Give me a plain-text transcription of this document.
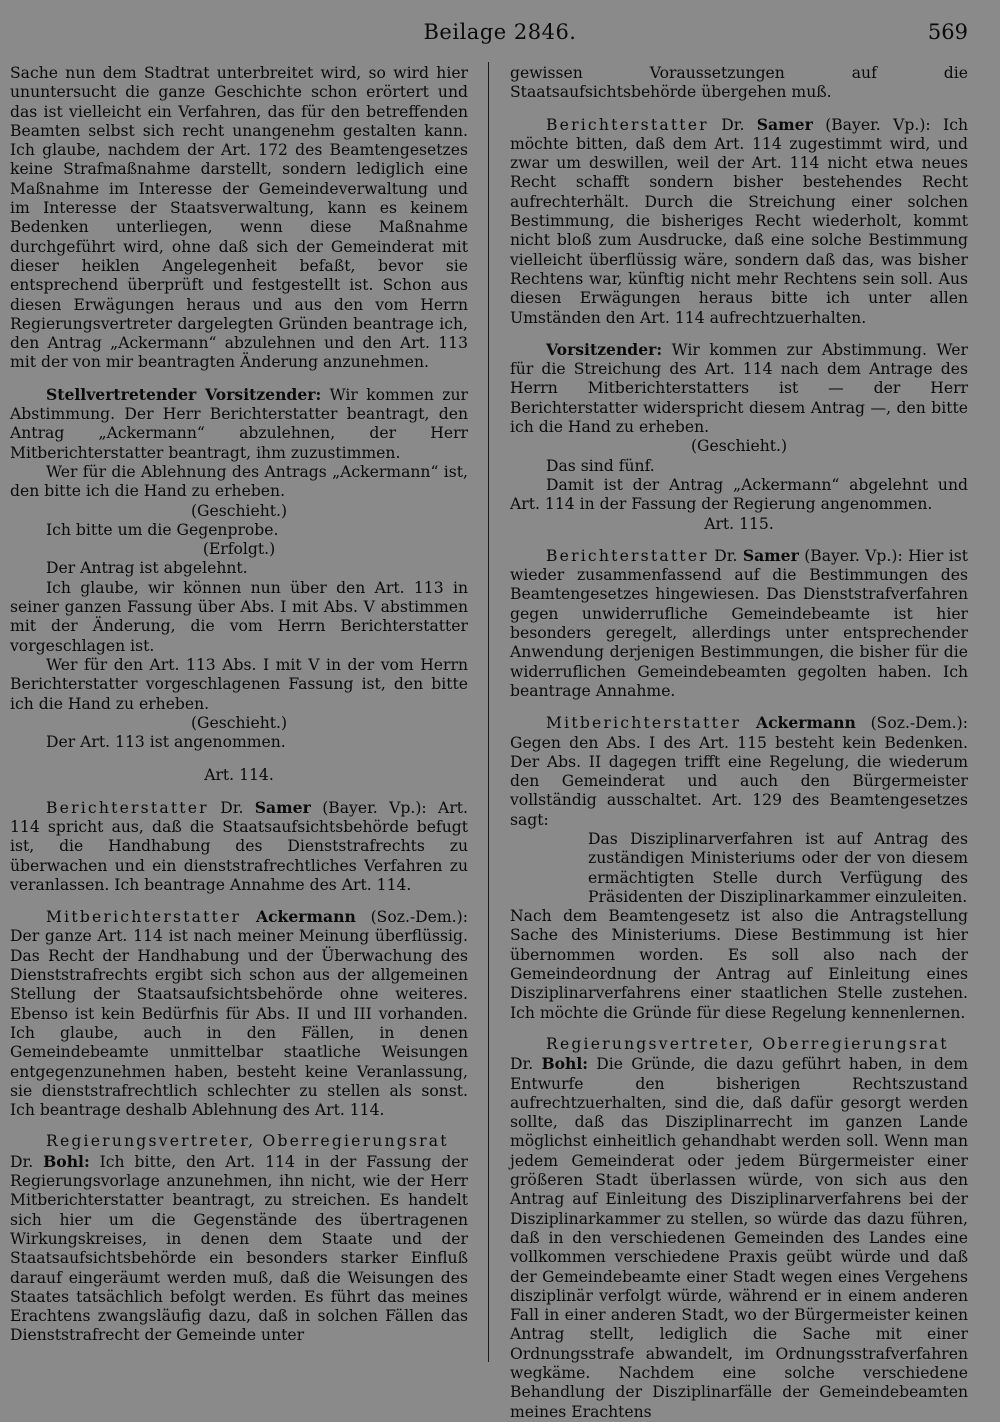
Beilage 2846.	569

Sache nun dem Stadtrat unterbreitet wird, so wird hier ununtersucht die ganze Geschichte schon erörtert und das ist vielleicht ein Verfahren, das für den betreffenden Beamten selbst sich recht unangenehm gestalten kann. Ich glaube, nachdem der Art. 172 des Beamtengesetzes keine Strafmaßnahme darstellt, sondern lediglich eine Maßnahme im Interesse der Gemeindeverwaltung und im Interesse der Staatsverwaltung, kann es keinem Bedenken unterliegen, wenn diese Maßnahme durchgeführt wird, ohne daß sich der Gemeinderat mit dieser heiklen Angelegenheit befaßt, bevor sie entsprechend überprüft und festgestellt ist. Schon aus diesen Erwägungen heraus und aus den vom Herrn Regierungsvertreter dargelegten Gründen beantrage ich, den Antrag „Ackermann“ abzulehnen und den Art. 113 mit der von mir beantragten Änderung anzunehmen.

Stellvertretender Vorsitzender: Wir kommen zur Abstimmung. Der Herr Berichterstatter beantragt, den Antrag „Ackermann“ abzulehnen, der Herr Mitberichterstatter beantragt, ihm zuzustimmen.

Wer für die Ablehnung des Antrags „Ackermann“ ist, den bitte ich die Hand zu erheben.

(Geschieht.)

Ich bitte um die Gegenprobe.

(Erfolgt.)

Der Antrag ist abgelehnt.

Ich glaube, wir können nun über den Art. 113 in seiner ganzen Fassung über Abs. I mit Abs. V abstimmen mit der Änderung, die vom Herrn Berichterstatter vorgeschlagen ist.

Wer für den Art. 113 Abs. I mit V in der vom Herrn Berichterstatter vorgeschlagenen Fassung ist, den bitte ich die Hand zu erheben.

(Geschieht.)

Der Art. 113 ist angenommen.

Art. 114.

Berichterstatter Dr. Samer (Bayer. Vp.): Art. 114 spricht aus, daß die Staatsaufsichtsbehörde befugt ist, die Handhabung des Dienststrafrechts zu überwachen und ein dienststrafrechtliches Verfahren zu veranlassen. Ich beantrage Annahme des Art. 114.

Mitberichterstatter Ackermann (Soz.-Dem.): Der ganze Art. 114 ist nach meiner Meinung überflüssig. Das Recht der Handhabung und der Überwachung des Dienststrafrechts ergibt sich schon aus der allgemeinen Stellung der Staatsaufsichtsbehörde ohne weiteres. Ebenso ist kein Bedürfnis für Abs. II und III vorhanden. Ich glaube, auch in den Fällen, in denen Gemeindebeamte unmittelbar staatliche Weisungen entgegenzunehmen haben, besteht keine Veranlassung, sie dienststrafrechtlich schlechter zu stellen als sonst. Ich beantrage deshalb Ablehnung des Art. 114.

Regierungsvertreter, Oberregierungsrat
Dr. Bohl: Ich bitte, den Art. 114 in der Fassung der Regierungsvorlage anzunehmen, ihn nicht, wie der Herr Mitberichterstatter beantragt, zu streichen. Es handelt sich hier um die Gegenstände des übertragenen Wirkungskreises, in denen dem Staate und der Staatsaufsichtsbehörde ein besonders starker Einfluß darauf eingeräumt werden muß, daß die Weisungen des Staates tatsächlich befolgt werden. Es führt das meines Erachtens zwangsläufig dazu, daß in solchen Fällen das Dienststrafrecht der Gemeinde unter

gewissen Voraussetzungen auf die Staatsaufsichtsbehörde übergehen muß.

Berichterstatter Dr. Samer (Bayer. Vp.): Ich möchte bitten, daß dem Art. 114 zugestimmt wird, und zwar um deswillen, weil der Art. 114 nicht etwa neues Recht schafft sondern bisher bestehendes Recht aufrechterhält. Durch die Streichung einer solchen Bestimmung, die bisheriges Recht wiederholt, kommt nicht bloß zum Ausdrucke, daß eine solche Bestimmung vielleicht überflüssig wäre, sondern daß das, was bisher Rechtens war, künftig nicht mehr Rechtens sein soll. Aus diesen Erwägungen heraus bitte ich unter allen Umständen den Art. 114 aufrechtzuerhalten.

Vorsitzender: Wir kommen zur Abstimmung. Wer für die Streichung des Art. 114 nach dem Antrage des Herrn Mitberichterstatters ist — der Herr Berichterstatter widerspricht diesem Antrag —, den bitte ich die Hand zu erheben.

(Geschieht.)

Das sind fünf.

Damit ist der Antrag „Ackermann“ abgelehnt und Art. 114 in der Fassung der Regierung angenommen.

Art. 115.

Berichterstatter Dr. Samer (Bayer. Vp.): Hier ist wieder zusammenfassend auf die Bestimmungen des Beamtengesetzes hingewiesen. Das Dienststrafverfahren gegen unwiderrufliche Gemeindebeamte ist hier besonders geregelt, allerdings unter entsprechender Anwendung derjenigen Bestimmungen, die bisher für die widerruflichen Gemeindebeamten gegolten haben. Ich beantrage Annahme.

Mitberichterstatter Ackermann (Soz.-Dem.): Gegen den Abs. I des Art. 115 besteht kein Bedenken. Der Abs. II dagegen trifft eine Regelung, die wiederum den Gemeinderat und auch den Bürgermeister vollständig ausschaltet. Art. 129 des Beamtengesetzes sagt:

Das Disziplinarverfahren ist auf Antrag des zuständigen Ministeriums oder der von diesem ermächtigten Stelle durch Verfügung des Präsidenten der Disziplinarkammer einzuleiten.

Nach dem Beamtengesetz ist also die Antragstellung Sache des Ministeriums. Diese Bestimmung ist hier übernommen worden. Es soll also nach der Gemeindeordnung der Antrag auf Einleitung eines Disziplinarverfahrens einer staatlichen Stelle zustehen. Ich möchte die Gründe für diese Regelung kennenlernen.

Regierungsvertreter, Oberregierungsrat
Dr. Bohl: Die Gründe, die dazu geführt haben, in dem Entwurfe den bisherigen Rechtszustand aufrechtzuerhalten, sind die, daß dafür gesorgt werden sollte, daß das Disziplinarrecht im ganzen Lande möglichst einheitlich gehandhabt werden soll. Wenn man jedem Gemeinderat oder jedem Bürgermeister einer größeren Stadt überlassen würde, von sich aus den Antrag auf Einleitung des Disziplinarverfahrens bei der Disziplinarkammer zu stellen, so würde das dazu führen, daß in den verschiedenen Gemeinden des Landes eine vollkommen verschiedene Praxis geübt würde und daß der Gemeindebeamte einer Stadt wegen eines Vergehens disziplinär verfolgt würde, während er in einem anderen Fall in einer anderen Stadt, wo der Bürgermeister keinen Antrag stellt, lediglich die Sache mit einer Ordnungsstrafe abwandelt, im Ordnungsstrafverfahren wegkäme. Nachdem eine solche verschiedene Behandlung der Disziplinarfälle der Gemeindebeamten meines Erachtens
